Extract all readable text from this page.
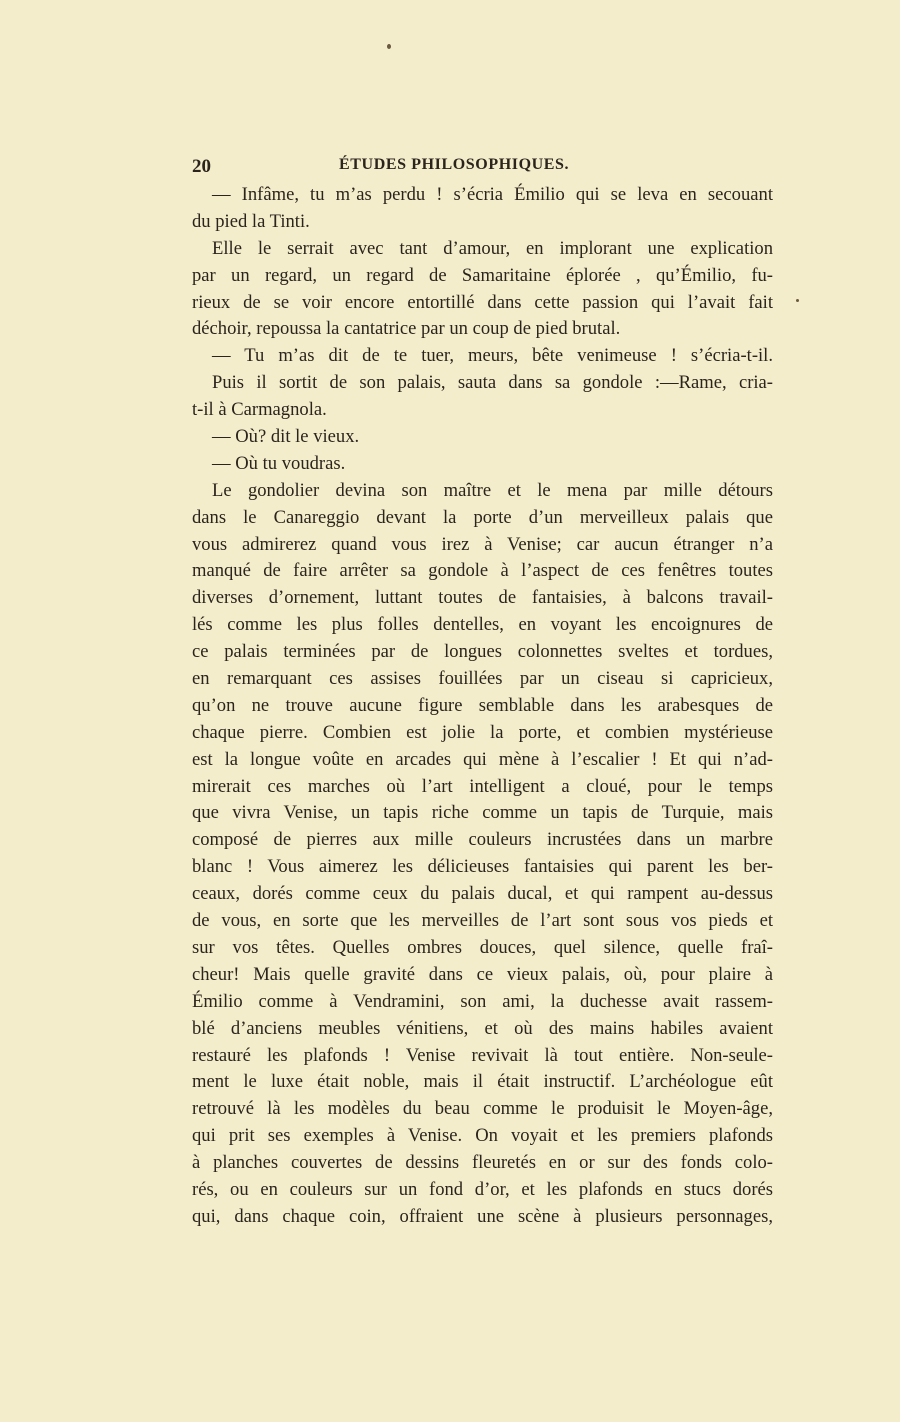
20	ÉTUDES PHILOSOPHIQUES.
— Infâme, tu m’as perdu ! s’écria Émilio qui se leva en secouant
du pied la Tinti.
Elle le serrait avec tant d’amour, en implorant une explication
par un regard, un regard de Samaritaine éplorée , qu’Émilio, fu-
rieux de se voir encore entortillé dans cette passion qui l’avait fait
déchoir, repoussa la cantatrice par un coup de pied brutal.
— Tu m’as dit de te tuer, meurs, bête venimeuse ! s’écria-t-il.
Puis il sortit de son palais, sauta dans sa gondole :—Rame, cria-
t-il à Carmagnola.
— Où? dit le vieux.
— Où tu voudras.
Le gondolier devina son maître et le mena par mille détours
dans le Canareggio devant la porte d’un merveilleux palais que
vous admirerez quand vous irez à Venise; car aucun étranger n’a
manqué de faire arrêter sa gondole à l’aspect de ces fenêtres toutes
diverses d’ornement, luttant toutes de fantaisies, à balcons travail-
lés comme les plus folles dentelles, en voyant les encoignures de
ce palais terminées par de longues colonnettes sveltes et tordues,
en remarquant ces assises fouillées par un ciseau si capricieux,
qu’on ne trouve aucune figure semblable dans les arabesques de
chaque pierre. Combien est jolie la porte, et combien mystérieuse
est la longue voûte en arcades qui mène à l’escalier ! Et qui n’ad-
mirerait ces marches où l’art intelligent a cloué, pour le temps
que vivra Venise, un tapis riche comme un tapis de Turquie, mais
composé de pierres aux mille couleurs incrustées dans un marbre
blanc ! Vous aimerez les délicieuses fantaisies qui parent les ber-
ceaux, dorés comme ceux du palais ducal, et qui rampent au-dessus
de vous, en sorte que les merveilles de l’art sont sous vos pieds et
sur vos têtes. Quelles ombres douces, quel silence, quelle fraî-
cheur! Mais quelle gravité dans ce vieux palais, où, pour plaire à
Émilio comme à Vendramini, son ami, la duchesse avait rassem-
blé d’anciens meubles vénitiens, et où des mains habiles avaient
restauré les plafonds ! Venise revivait là tout entière. Non-seule-
ment le luxe était noble, mais il était instructif. L’archéologue eût
retrouvé là les modèles du beau comme le produisit le Moyen-âge,
qui prit ses exemples à Venise. On voyait et les premiers plafonds
à planches couvertes de dessins fleuretés en or sur des fonds colo-
rés, ou en couleurs sur un fond d’or, et les plafonds en stucs dorés
qui, dans chaque coin, offraient une scène à plusieurs personnages,
